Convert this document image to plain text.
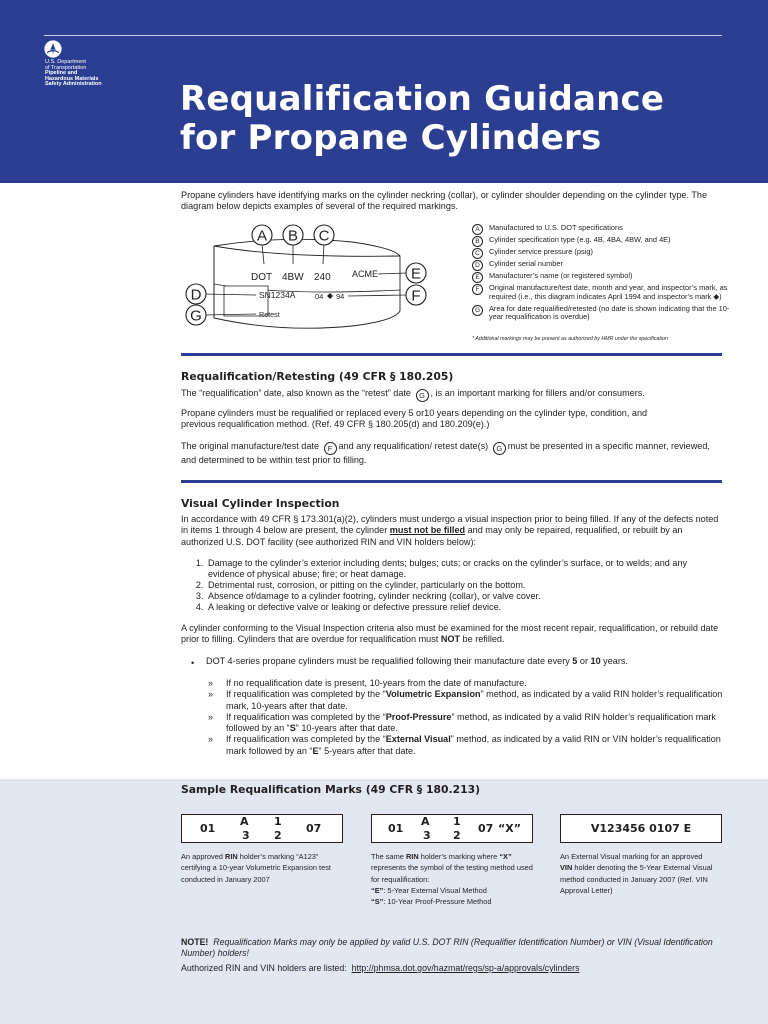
U.S. Department
of Transportation
Pipeline and
Hazardous Materials
Safety Administration	Requalification Guidance
for Propane Cylinders
Propane cylinders have identifying marks on the cylinder neckring (collar), or cylinder shoulder depending on the cylinder type. The diagram below depicts examples of several of the required markings.
DOT 4BW 240 ACME
SN1234A	04 94
Retest
A B C
D
G
E
F
A	Manufactured to U.S. DOT specifications
B	Cylinder specification type (e.g. 4B, 4BA, 4BW, and 4E)
C	Cylinder service pressure (psig)
D	Cylinder serial number
E	Manufacturer’s name (or registered symbol)
F	Original manufacture/test date, month and year, and inspector’s mark, as required (i.e., this diagram indicates April 1994 and inspector’s mark ◆)
G	Area for date requalified/retested (no date is shown indicating that the 10-year requalification is overdue)
* Additional markings may be present as authorized by HMR under the specification
Requalification/Retesting (49 CFR § 180.205)
The “requalification” date, also known as the “retest” date G , is an important marking for fillers and/or consumers.
Propane cylinders must be requalified or replaced every 5 or10 years depending on the cylinder type, condition, and previous requalification method. (Ref. 49 CFR § 180.205(d) and 180.209(e).)
The original manufacture/test date F and any requalification/ retest date(s) G must be presented in a specific manner, reviewed, and determined to be within test prior to filling.
Visual Cylinder Inspection
In accordance with 49 CFR § 173.301(a)(2), cylinders must undergo a visual inspection prior to being filled. If any of the defects noted in items 1 through 4 below are present, the cylinder must not be filled and may only be repaired, requalified, or rebuilt by an authorized U.S. DOT facility (see authorized RIN and VIN holders below):
1. Damage to the cylinder’s exterior including dents; bulges; cuts; or cracks on the cylinder’s surface, or to welds; and any evidence of physical abuse; fire; or heat damage.
2. Detrimental rust, corrosion, or pitting on the cylinder, particularly on the bottom.
3. Absence of/damage to a cylinder footring, cylinder neckring (collar), or valve cover.
4. A leaking or defective valve or leaking or defective pressure relief device.
A cylinder conforming to the Visual Inspection criteria also must be examined for the most recent repair, requalification, or rebuild date prior to filling. Cylinders that are overdue for requalification must NOT be refilled.
• DOT 4-series propane cylinders must be requalified following their manufacture date every 5 or 10 years.
» If no requalification date is present, 10-years from the date of manufacture.
» If requalification was completed by the “Volumetric Expansion” method, as indicated by a valid RIN holder’s requalification mark, 10-years after that date.
» If requalification was completed by the “Proof-Pressure” method, as indicated by a valid RIN holder’s requalification mark followed by an “S” 10-years after that date.
» If requalification was completed by the “External Visual” method, as indicated by a valid RIN or VIN holder’s requalification mark followed by an “E” 5-years after that date.
Sample Requalification Marks (49 CFR § 180.213)
01
A 1
3 2
07	01
A 1
3 2
07 “X”	V123456 0107 E
An approved RIN holder’s marking “A123” certifying a 10-year Volumetric Expansion test conducted in January 2007
The same RIN holder’s marking where “X” represents the symbol of the testing method used for requalification:
“E”: 5-Year External Visual Method
“S”: 10-Year Proof-Pressure Method
An External Visual marking for an approved VIN holder denoting the 5-Year External Visual method conducted in January 2007 (Ref. VIN Approval Letter)
NOTE! Requalification Marks may only be applied by valid U.S. DOT RIN (Requalifier Identification Number) or VIN (Visual Identification Number) holders!
Authorized RIN and VIN holders are listed: http://phmsa.dot.gov/hazmat/regs/sp-a/approvals/cylinders
